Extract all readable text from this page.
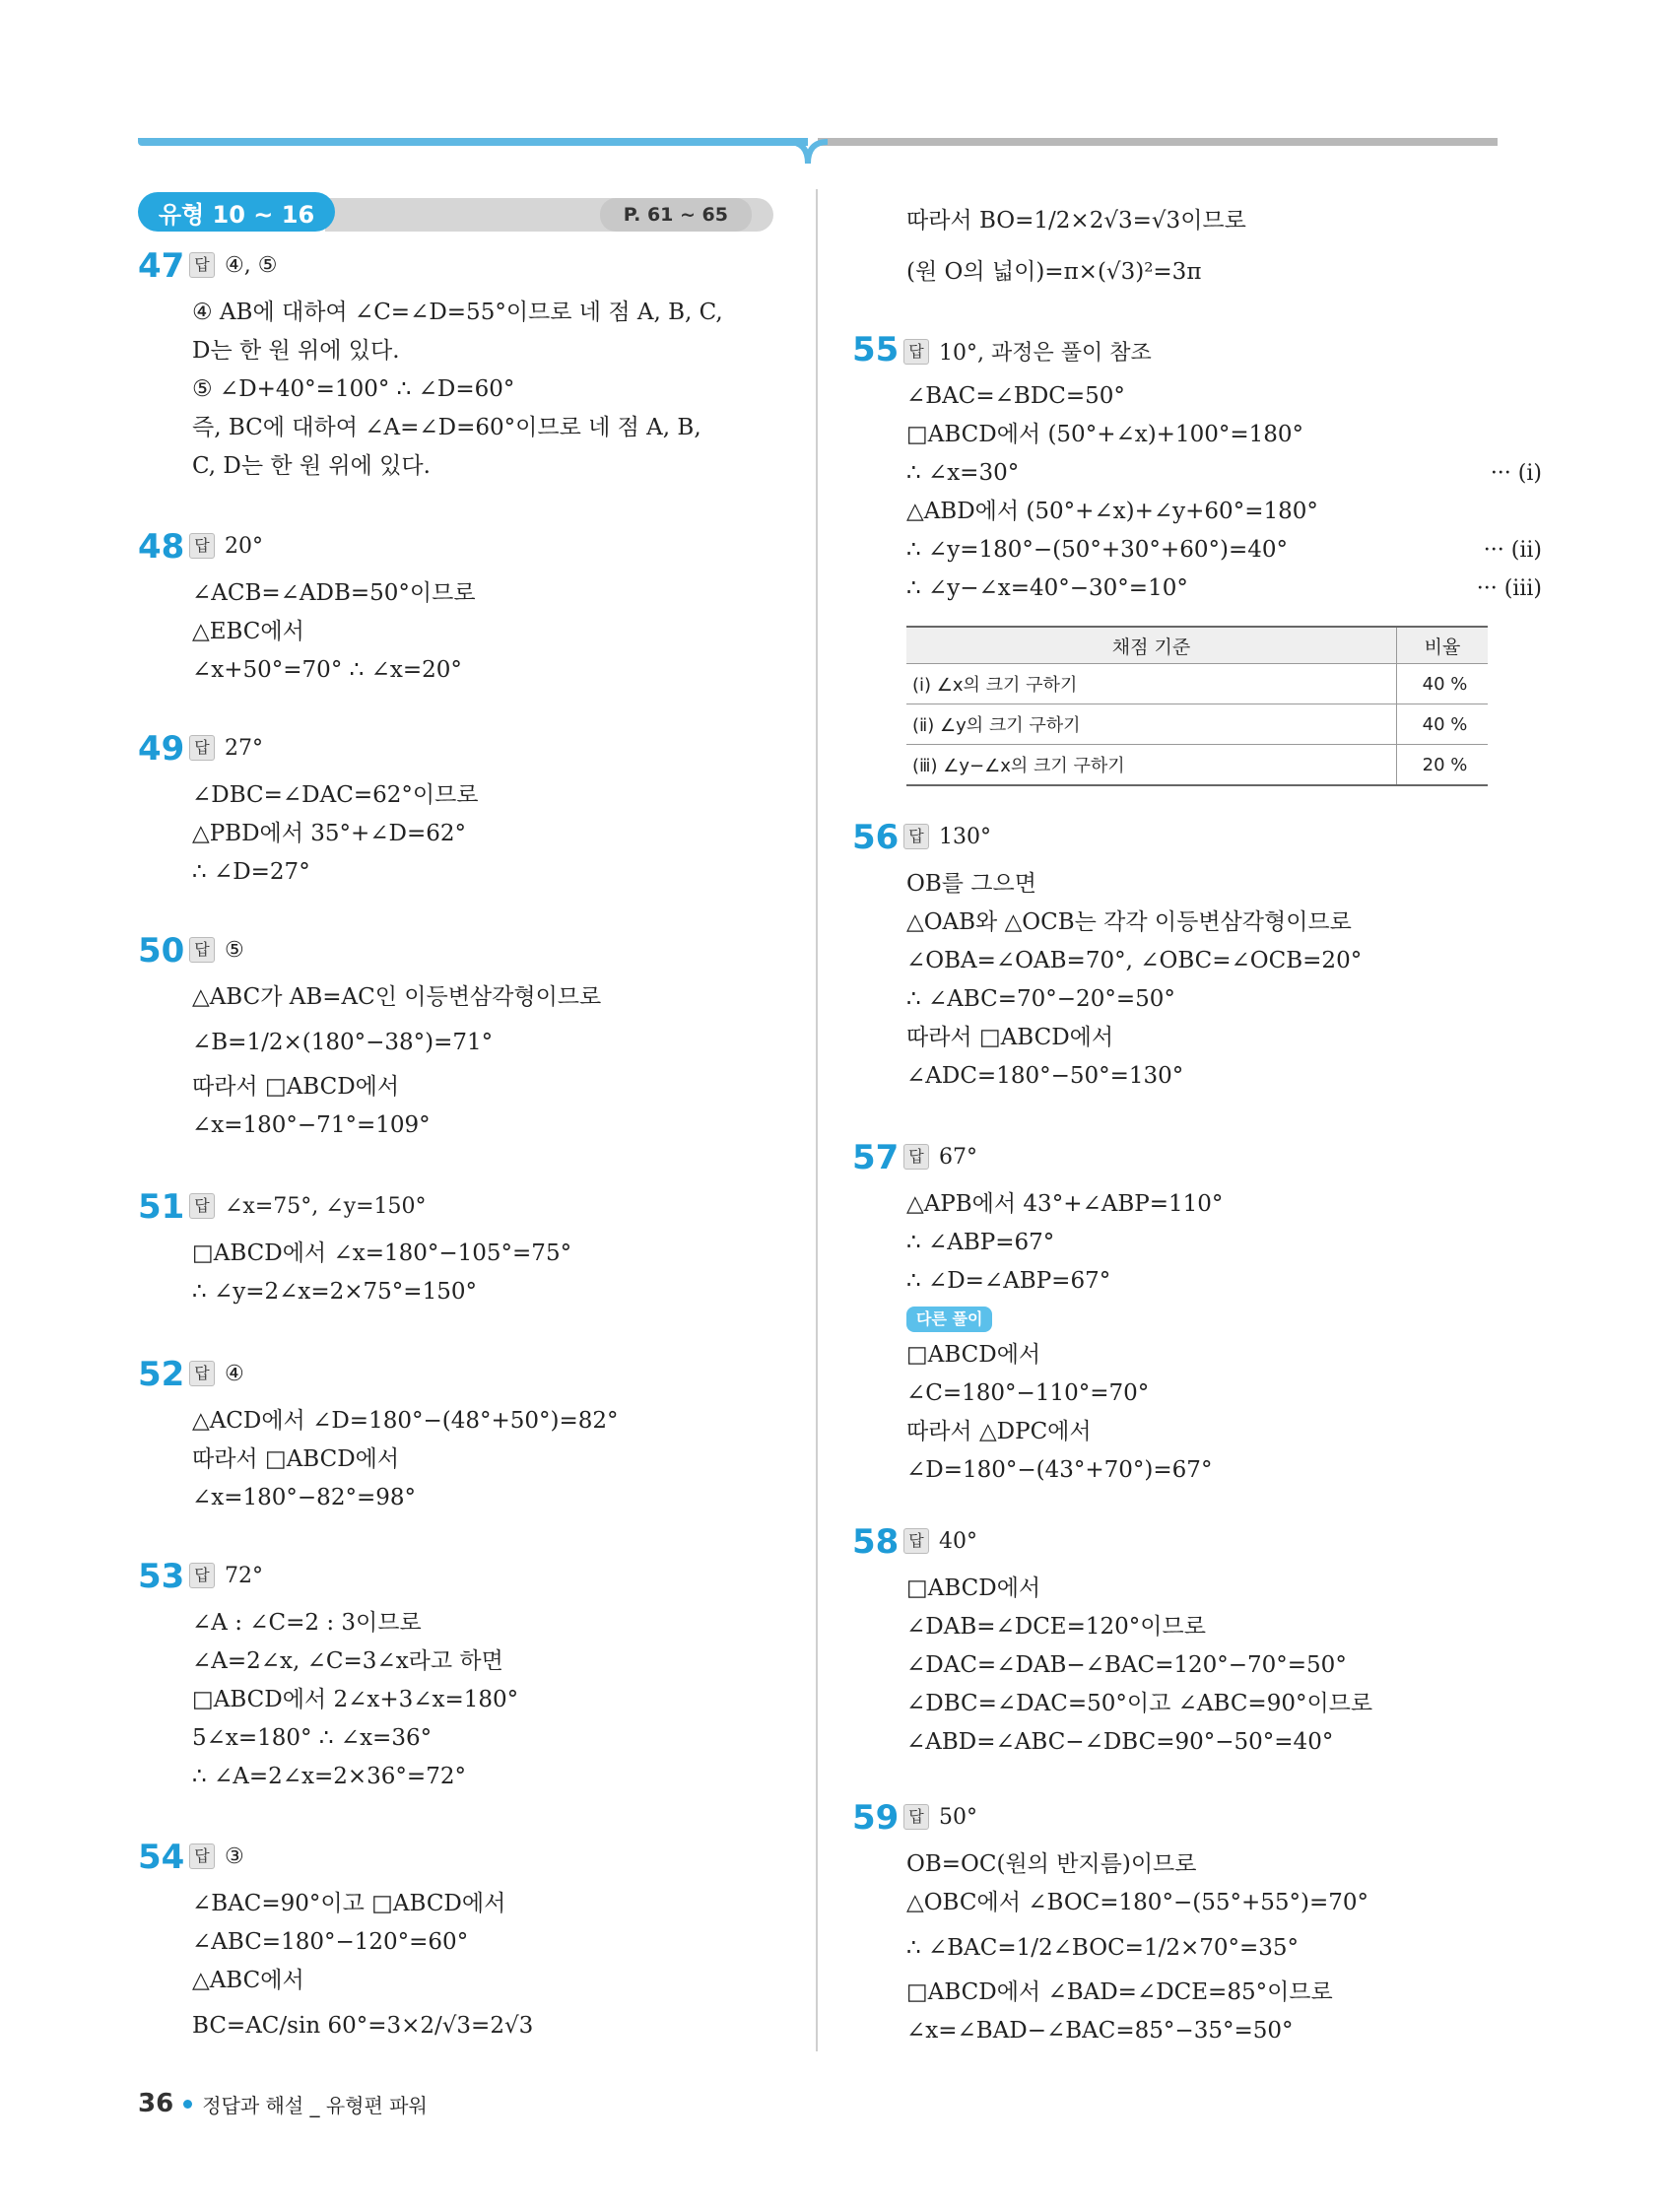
유형 10 ~ 16	P. 61 ~ 65
47 답 ④, ⑤
④ AB에 대하여 ∠C=∠D=55°이므로 네 점 A, B, C,
D는 한 원 위에 있다.
⑤ ∠D+40°=100° ∴ ∠D=60°
즉, BC에 대하여 ∠A=∠D=60°이므로 네 점 A, B,
C, D는 한 원 위에 있다.
48 답 20°
∠ACB=∠ADB=50°이므로
△EBC에서
∠x+50°=70° ∴ ∠x=20°
49 답 27°
∠DBC=∠DAC=62°이므로
△PBD에서 35°+∠D=62°
∴ ∠D=27°
50 답 ⑤
△ABC가 AB=AC인 이등변삼각형이므로
∠B=1/2×(180°−38°)=71°
따라서 □ABCD에서
∠x=180°−71°=109°
51 답 ∠x=75°, ∠y=150°
□ABCD에서 ∠x=180°−105°=75°
∴ ∠y=2∠x=2×75°=150°
52 답 ④
△ACD에서 ∠D=180°−(48°+50°)=82°
따라서 □ABCD에서
∠x=180°−82°=98°
53 답 72°
∠A : ∠C=2 : 3이므로
∠A=2∠x, ∠C=3∠x라고 하면
□ABCD에서 2∠x+3∠x=180°
5∠x=180° ∴ ∠x=36°
∴ ∠A=2∠x=2×36°=72°
54 답 ③
∠BAC=90°이고 □ABCD에서
∠ABC=180°−120°=60°
△ABC에서
BC=AC/sin 60°=3×2/√3=2√3
따라서 BO=1/2×2√3=√3이므로
(원 O의 넓이)=π×(√3)²=3π
55 답 10°, 과정은 풀이 참조
∠BAC=∠BDC=50°
□ABCD에서 (50°+∠x)+100°=180°
∴ ∠x=30°	··· (ⅰ)
△ABD에서 (50°+∠x)+∠y+60°=180°
∴ ∠y=180°−(50°+30°+60°)=40°	··· (ⅱ)
∴ ∠y−∠x=40°−30°=10°	··· (ⅲ)
채점 기준	비율
(ⅰ) ∠x의 크기 구하기	40 %
(ⅱ) ∠y의 크기 구하기	40 %
(ⅲ) ∠y−∠x의 크기 구하기	20 %
56 답 130°
OB를 그으면
△OAB와 △OCB는 각각 이등변삼각형이므로
∠OBA=∠OAB=70°, ∠OBC=∠OCB=20°
∴ ∠ABC=70°−20°=50°
따라서 □ABCD에서
∠ADC=180°−50°=130°
57 답 67°
△APB에서 43°+∠ABP=110°
∴ ∠ABP=67°
∴ ∠D=∠ABP=67°
다른 풀이
□ABCD에서
∠C=180°−110°=70°
따라서 △DPC에서
∠D=180°−(43°+70°)=67°
58 답 40°
□ABCD에서
∠DAB=∠DCE=120°이므로
∠DAC=∠DAB−∠BAC=120°−70°=50°
∠DBC=∠DAC=50°이고 ∠ABC=90°이므로
∠ABD=∠ABC−∠DBC=90°−50°=40°
59 답 50°
OB=OC(원의 반지름)이므로
△OBC에서 ∠BOC=180°−(55°+55°)=70°
∴ ∠BAC=1/2∠BOC=1/2×70°=35°
□ABCD에서 ∠BAD=∠DCE=85°이므로
∠x=∠BAD−∠BAC=85°−35°=50°
36 정답과 해설 _ 유형편 파워
